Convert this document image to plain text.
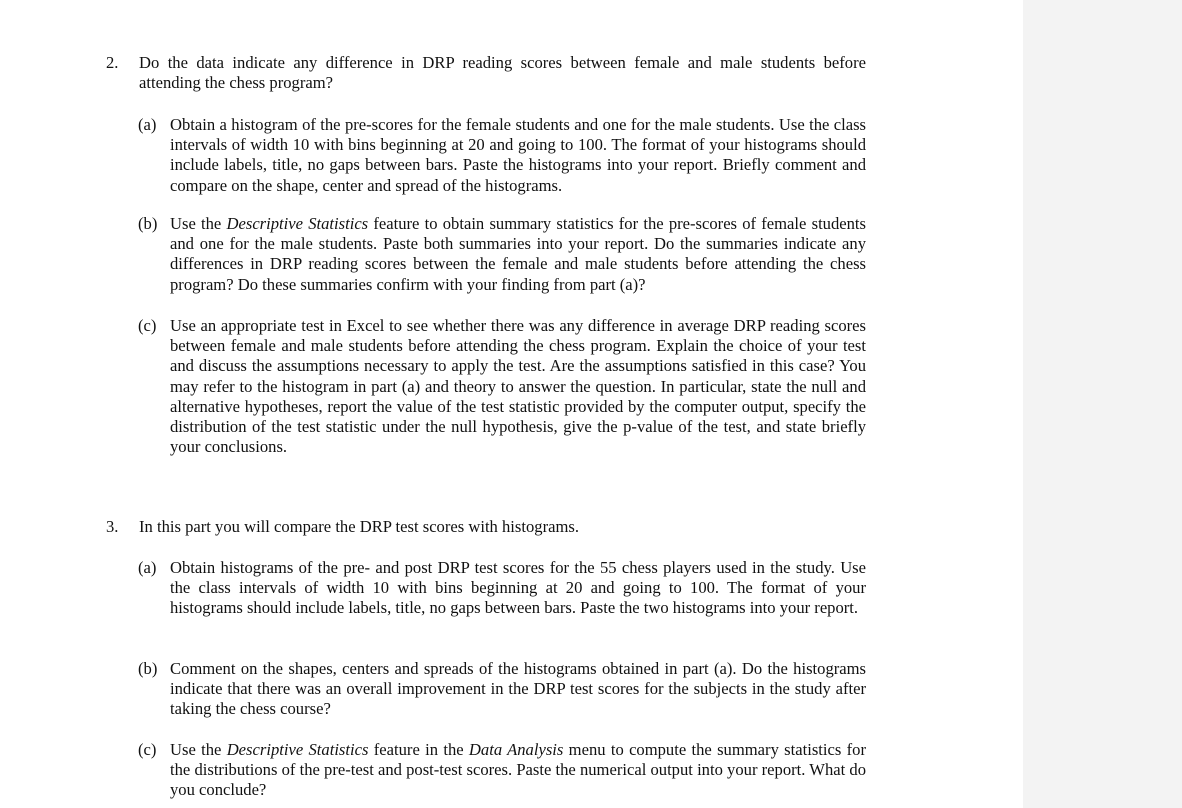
2. Do the data indicate any difference in DRP reading scores between female and male students before attending the chess program?
(a) Obtain a histogram of the pre-scores for the female students and one for the male students. Use the class intervals of width 10 with bins beginning at 20 and going to 100. The format of your histograms should include labels, title, no gaps between bars. Paste the histograms into your report. Briefly comment and compare on the shape, center and spread of the histograms.
(b) Use the Descriptive Statistics feature to obtain summary statistics for the pre-scores of female students and one for the male students. Paste both summaries into your report. Do the summaries indicate any differences in DRP reading scores between the female and male students before attending the chess program? Do these summaries confirm with your finding from part (a)?
(c) Use an appropriate test in Excel to see whether there was any difference in average DRP reading scores between female and male students before attending the chess program. Explain the choice of your test and discuss the assumptions necessary to apply the test. Are the assumptions satisfied in this case? You may refer to the histogram in part (a) and theory to answer the question. In particular, state the null and alternative hypotheses, report the value of the test statistic provided by the computer output, specify the distribution of the test statistic under the null hypothesis, give the p-value of the test, and state briefly your conclusions.
3. In this part you will compare the DRP test scores with histograms.
(a) Obtain histograms of the pre- and post DRP test scores for the 55 chess players used in the study. Use the class intervals of width 10 with bins beginning at 20 and going to 100. The format of your histograms should include labels, title, no gaps between bars. Paste the two histograms into your report.
(b) Comment on the shapes, centers and spreads of the histograms obtained in part (a). Do the histograms indicate that there was an overall improvement in the DRP test scores for the subjects in the study after taking the chess course?
(c) Use the Descriptive Statistics feature in the Data Analysis menu to compute the summary statistics for the distributions of the pre-test and post-test scores. Paste the numerical output into your report. What do you conclude?
